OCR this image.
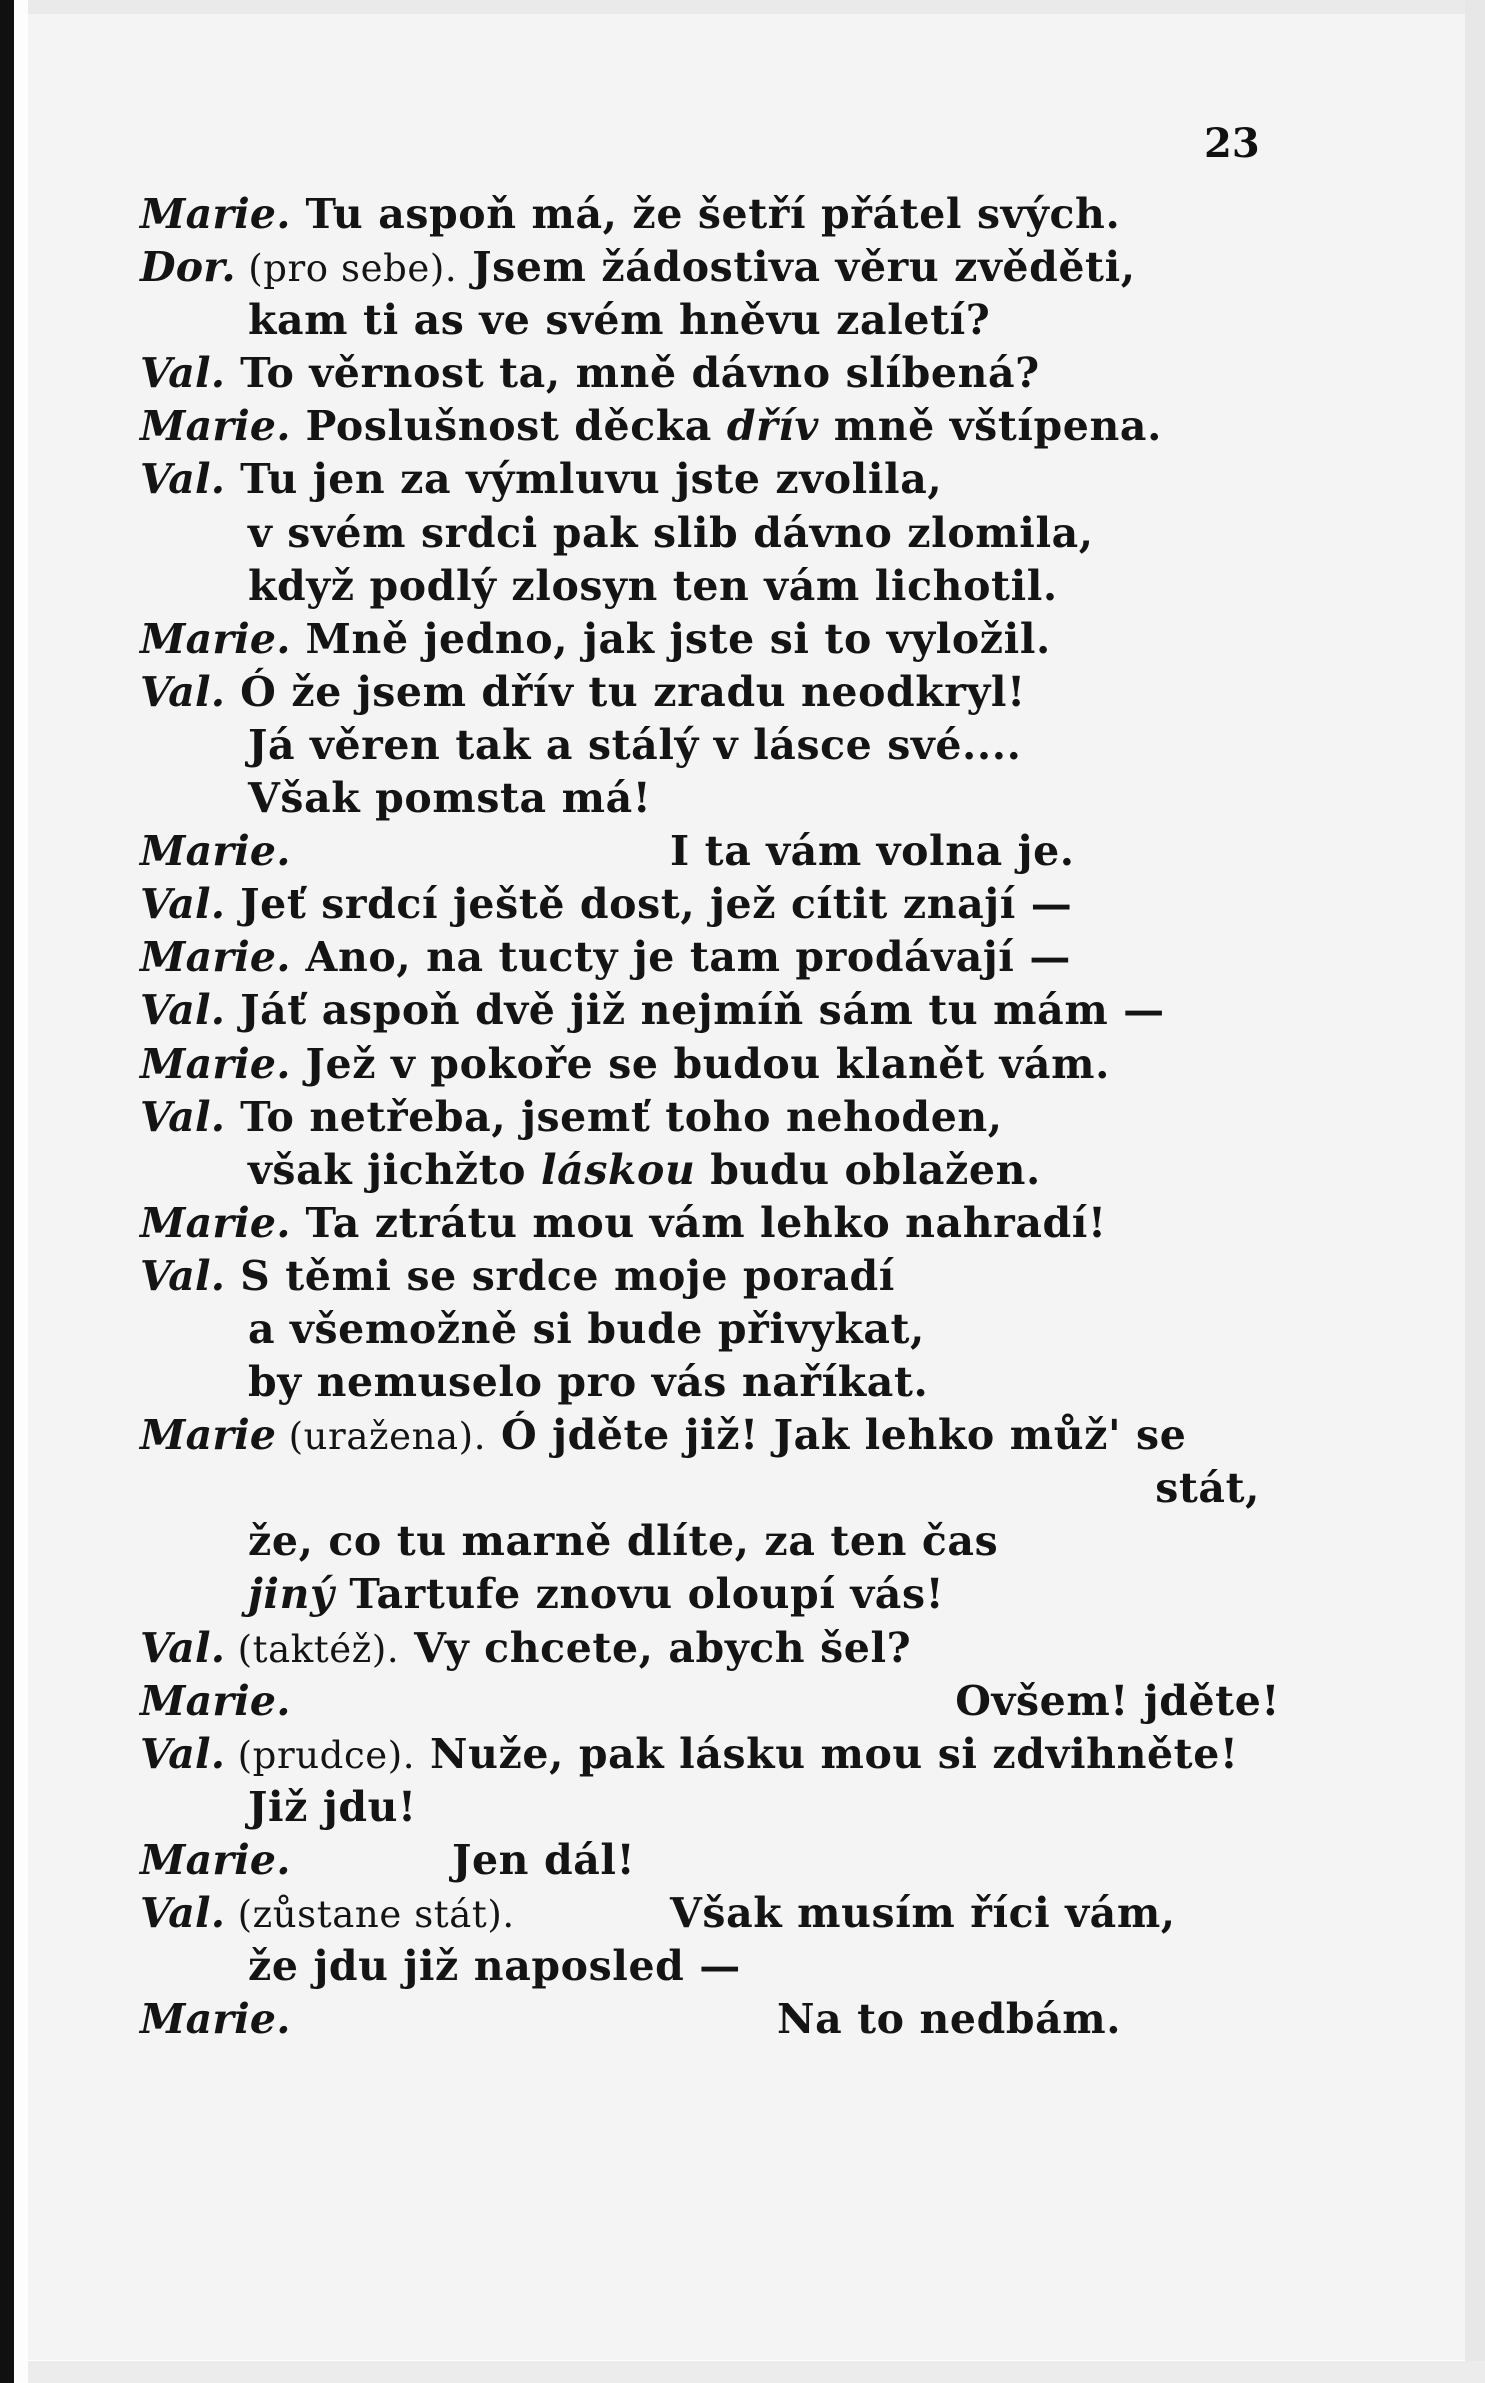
23
Marie. Tu aspoň má, že šetří přátel svých.
Dor. (pro sebe). Jsem žádostiva věru zvěděti,
kam ti as ve svém hněvu zaletí?
Val. To věrnost ta, mně dávno slíbená?
Marie. Poslušnost děcka dřív mně vštípena.
Val. Tu jen za výmluvu jste zvolila,
v svém srdci pak slib dávno zlomila,
když podlý zlosyn ten vám lichotil.
Marie. Mně jedno, jak jste si to vyložil.
Val. Ó že jsem dřív tu zradu neodkryl!
Já věren tak a stálý v lásce své....
Však pomsta má!
Marie.	I ta vám volna je.
Val. Jeť srdcí ještě dost, jež cítit znají —
Marie. Ano, na tucty je tam prodávají —
Val. Jáť aspoň dvě již nejmíň sám tu mám —
Marie. Jež v pokoře se budou klanět vám.
Val. To netřeba, jsemť toho nehoden,
však jichžto láskou budu oblažen.
Marie. Ta ztrátu mou vám lehko nahradí!
Val. S těmi se srdce moje poradí
a všemožně si bude přivykat,
by nemuselo pro vás naříkat.
Marie (uražena). Ó jděte již! Jak lehko můž' se
stát,
že, co tu marně dlíte, za ten čas
jiný Tartufe znovu oloupí vás!
Val. (taktéž). Vy chcete, abych šel?
Marie.	Ovšem! jděte!
Val. (prudce). Nuže, pak lásku mou si zdvihněte!
Již jdu!
Marie.	Jen dál!
Val. (zůstane stát).	Však musím říci vám,
že jdu již naposled —
Marie.	Na to nedbám.
